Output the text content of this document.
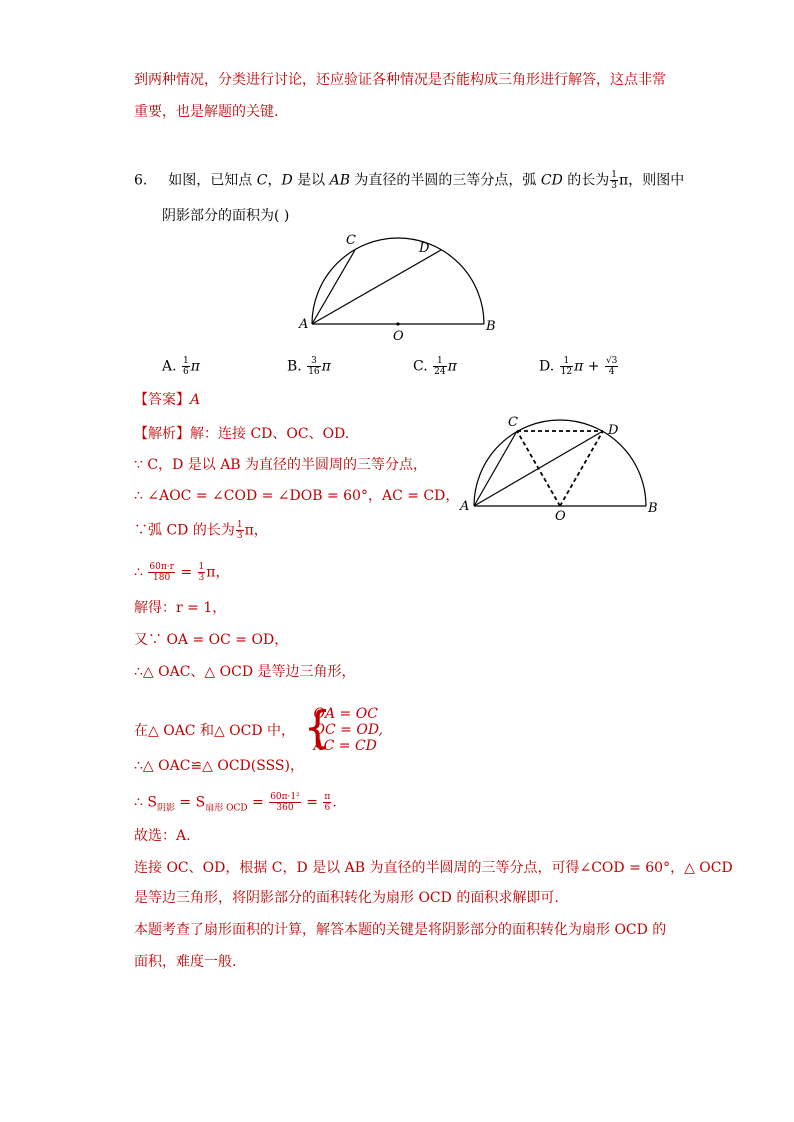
到两种情况，分类进行讨论，还应验证各种情况是否能构成三角形进行解答，这点非常
重要，也是解题的关键.
6. 如图，已知点 C，D 是以 AB 为直径的半圆的三等分点，弧 CD 的长为 $\frac{1}{3}$ π，则图中
阴影部分的面积为( )
C
D
A
O
B
A. $\frac{1}{6}$ π	B. $\frac{3}{16}$ π	C. $\frac{1}{24}$ π	D. $\frac{1}{12}$ $\pi + \frac{√3}{4}$
【答案】A
【解析】解：连接 CD、OC、OD.
∵ C，D 是以 AB 为直径的半圆周的三等分点，
∴ ∠AOC = ∠COD = ∠DOB = 60°，AC = CD，
∵弧 CD 的长为 $\frac{1}{3}$ π，
∴ $\frac{60\pi\cdot r}{180} = \frac{1}{3}$ π，
解得：r = 1，
又∵ OA = OC = OD，
∴△ OAC、△ OCD 是等边三角形，
在△ OAC 和△ OCD 中， {
OA = OC
OC = OD,
AC = CD
∴△ OAC≌△ OCD(SSS)，
∴ $S_{阴影} = S_{扇形 OCD} = \frac{\text{60π·1²}}{360} = \frac{\pi}{6}$ .
故选：A.
连接 OC、OD，根据 C，D 是以 AB 为直径的半圆周的三等分点，可得∠COD = 60°，△ OCD
是等边三角形，将阴影部分的面积转化为扇形 OCD 的面积求解即可.
本题考查了扇形面积的计算，解答本题的关键是将阴影部分的面积转化为扇形 OCD 的
面积，难度一般.
C
D
A
O
B
